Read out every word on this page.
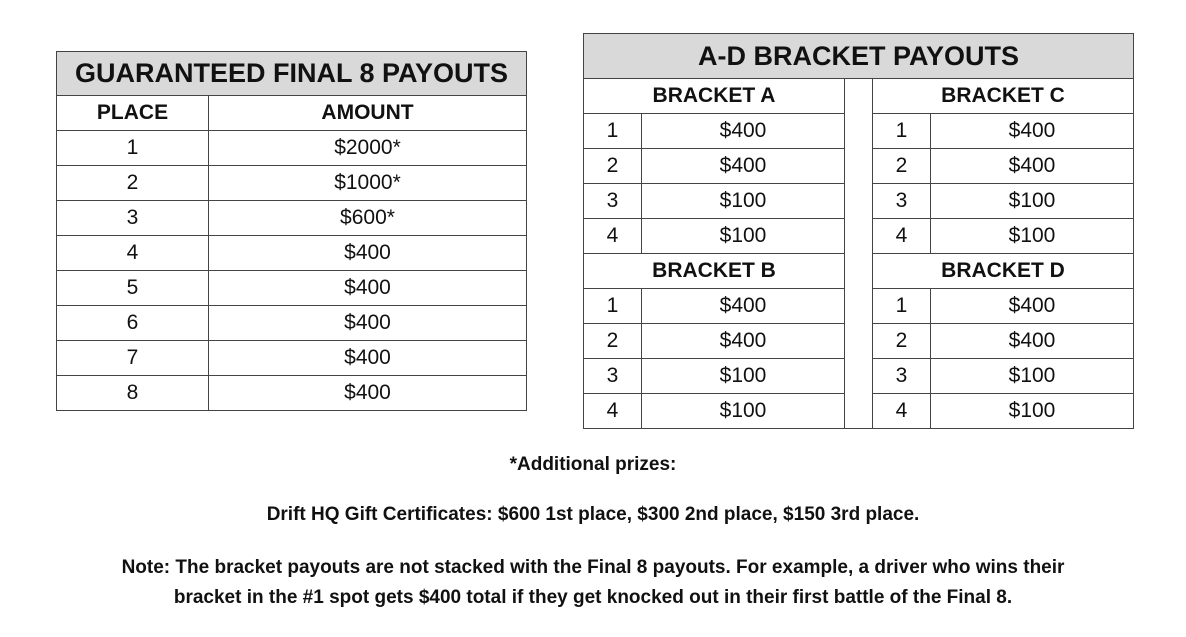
GUARANTEED FINAL 8 PAYOUTS	
PLACE	AMOUNT
1	$2000*
2	$1000*
3	$600*
4	$400
5	$400
6	$400
7	$400
8	$400
A-D BRACKET PAYOUTS				
BRACKET A			BRACKET C	
1	$400		1	$400
2	$400		2	$400
3	$100		3	$100
4	$100		4	$100
BRACKET B			BRACKET D	
1	$400		1	$400
2	$400		2	$400
3	$100		3	$100
4	$100		4	$100

*Additional prizes:

Drift HQ Gift Certificates: $600 1st place, $300 2nd place, $150 3rd place.

Note: The bracket payouts are not stacked with the Final 8 payouts. For example, a driver who wins their
bracket in the #1 spot gets $400 total if they get knocked out in their first battle of the Final 8.
